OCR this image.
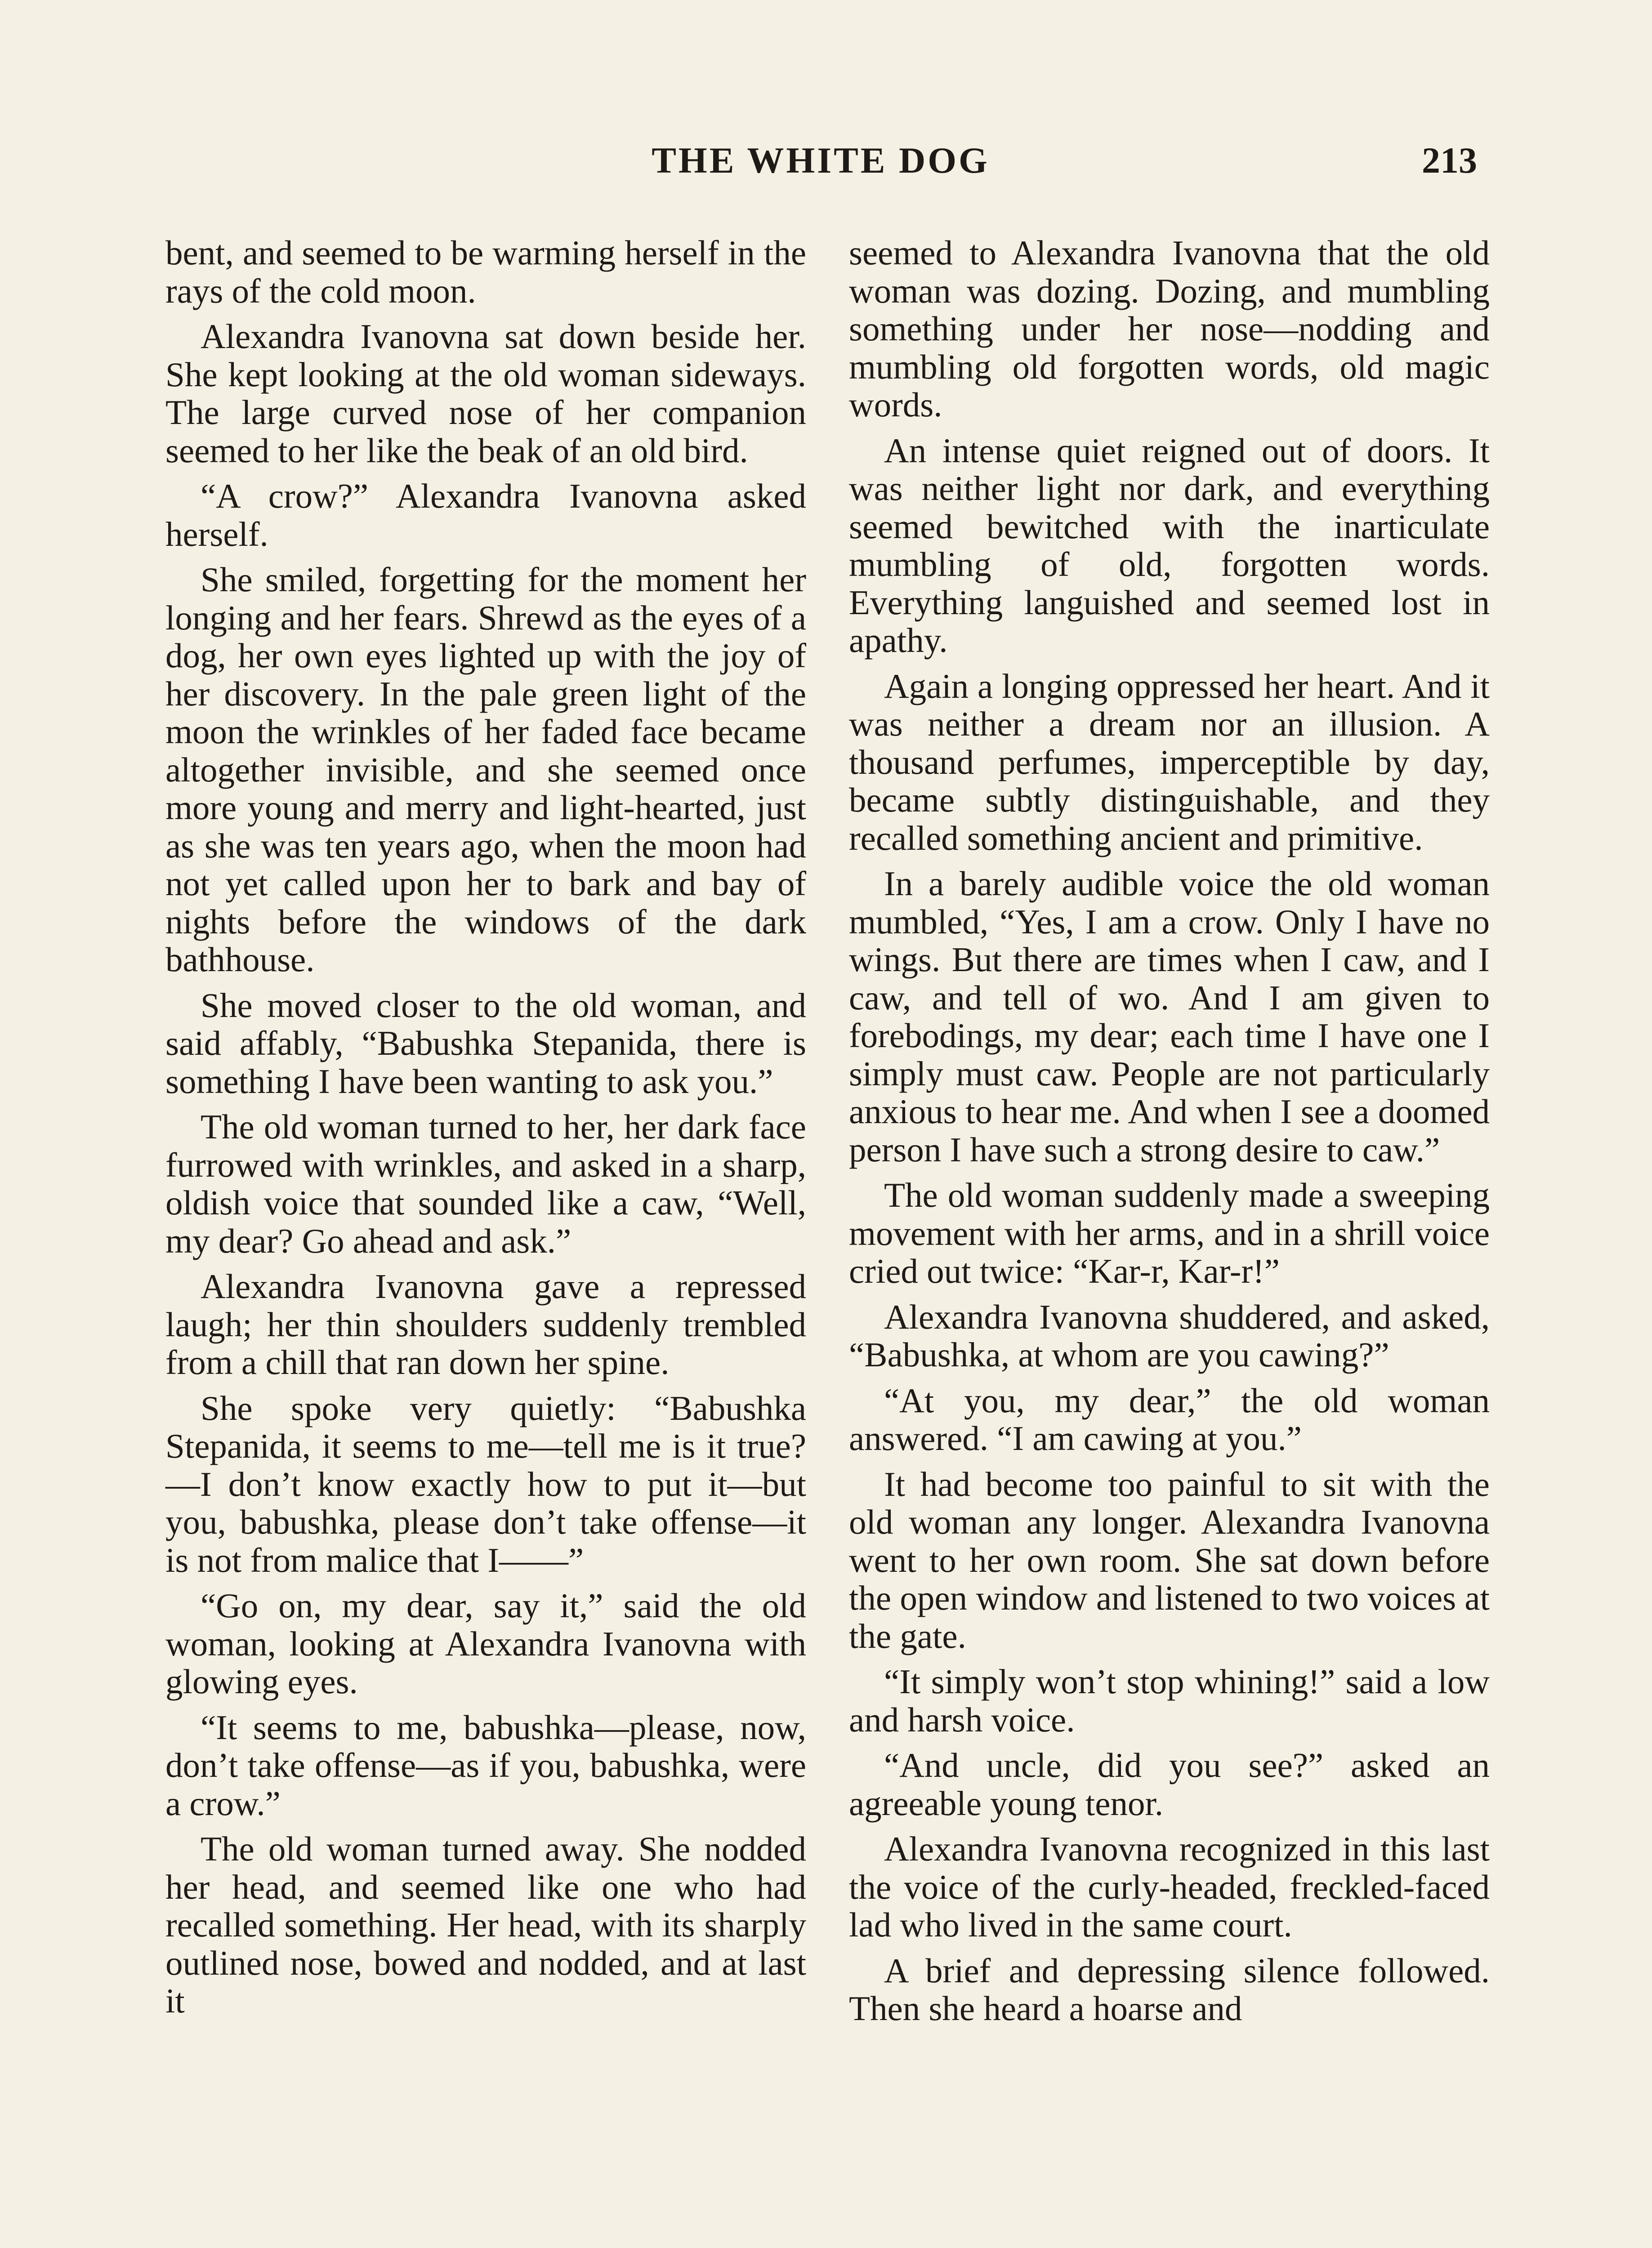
THE WHITE DOG	213

bent, and seemed to be warming herself in the rays of the cold moon.

Alexandra Ivanovna sat down beside her. She kept looking at the old woman sideways. The large curved nose of her companion seemed to her like the beak of an old bird.

“A crow?” Alexandra Ivanovna asked herself.

She smiled, forgetting for the moment her longing and her fears. Shrewd as the eyes of a dog, her own eyes lighted up with the joy of her discovery. In the pale green light of the moon the wrinkles of her faded face became altogether invisible, and she seemed once more young and merry and light-hearted, just as she was ten years ago, when the moon had not yet called upon her to bark and bay of nights before the windows of the dark bathhouse.

She moved closer to the old woman, and said affably, “Babushka Stepanida, there is something I have been wanting to ask you.”

The old woman turned to her, her dark face furrowed with wrinkles, and asked in a sharp, oldish voice that sounded like a caw, “Well, my dear? Go ahead and ask.”

Alexandra Ivanovna gave a repressed laugh; her thin shoulders suddenly trembled from a chill that ran down her spine.

She spoke very quietly: “Babushka Stepanida, it seems to me—tell me is it true?—I don’t know exactly how to put it—but you, babushka, please don’t take offense—it is not from malice that I——”

“Go on, my dear, say it,” said the old woman, looking at Alexandra Ivanovna with glowing eyes.

“It seems to me, babushka—please, now, don’t take offense—as if you, babushka, were a crow.”

The old woman turned away. She nodded her head, and seemed like one who had recalled something. Her head, with its sharply outlined nose, bowed and nodded, and at last it

seemed to Alexandra Ivanovna that the old woman was dozing. Dozing, and mumbling something under her nose—nodding and mumbling old forgotten words, old magic words.

An intense quiet reigned out of doors. It was neither light nor dark, and everything seemed bewitched with the inarticulate mumbling of old, forgotten words. Everything languished and seemed lost in apathy.

Again a longing oppressed her heart. And it was neither a dream nor an illusion. A thousand perfumes, imperceptible by day, became subtly distinguishable, and they recalled something ancient and primitive.

In a barely audible voice the old woman mumbled, “Yes, I am a crow. Only I have no wings. But there are times when I caw, and I caw, and tell of wo. And I am given to forebodings, my dear; each time I have one I simply must caw. People are not particularly anxious to hear me. And when I see a doomed person I have such a strong desire to caw.”

The old woman suddenly made a sweeping movement with her arms, and in a shrill voice cried out twice: “Kar-r, Kar-r!”

Alexandra Ivanovna shuddered, and asked, “Babushka, at whom are you cawing?”

“At you, my dear,” the old woman answered. “I am cawing at you.”

It had become too painful to sit with the old woman any longer. Alexandra Ivanovna went to her own room. She sat down before the open window and listened to two voices at the gate.

“It simply won’t stop whining!” said a low and harsh voice.

“And uncle, did you see?” asked an agreeable young tenor.

Alexandra Ivanovna recognized in this last the voice of the curly-headed, freckled-faced lad who lived in the same court.

A brief and depressing silence followed. Then she heard a hoarse and
